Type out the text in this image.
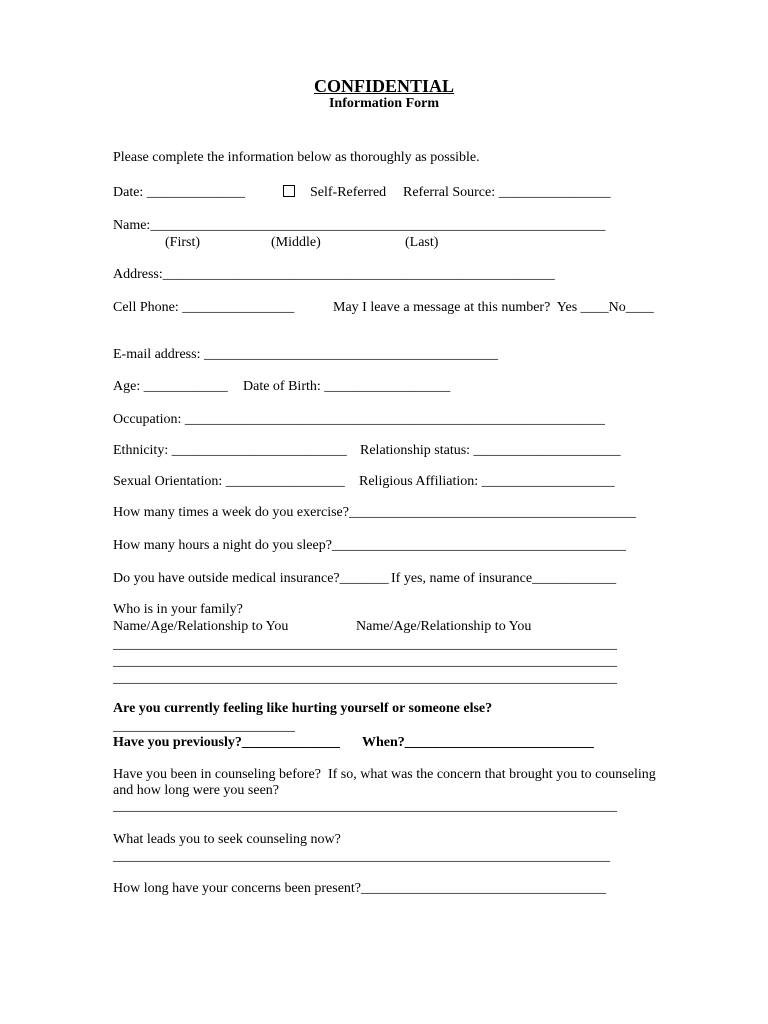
CONFIDENTIAL
Information Form
Please complete the information below as thoroughly as possible.
Date: ______________	Self-Referred Referral Source: ________________
Name:_________________________________________________________________
(First)	(Middle)	(Last)
Address:________________________________________________________
Cell Phone: ________________	May I leave a message at this number?  Yes ____No____
E-mail address: __________________________________________
Age: ____________ Date of Birth: __________________
Occupation: ____________________________________________________________
Ethnicity: _________________________ Relationship status: _____________________
Sexual Orientation: _________________ Religious Affiliation: ___________________
How many times a week do you exercise?_________________________________________
How many hours a night do you sleep?__________________________________________
Do you have outside medical insurance?_______ If yes, name of insurance____________
Who is in your family?
Name/Age/Relationship to You	Name/Age/Relationship to You
________________________________________________________________________
________________________________________________________________________
________________________________________________________________________
Are you currently feeling like hurting yourself or someone else?
__________________________
Have you previously?______________ When?___________________________
Have you been in counseling before?  If so, what was the concern that brought you to counseling
and how long were you seen?
________________________________________________________________________
What leads you to seek counseling now?
_______________________________________________________________________
How long have your concerns been present?___________________________________
